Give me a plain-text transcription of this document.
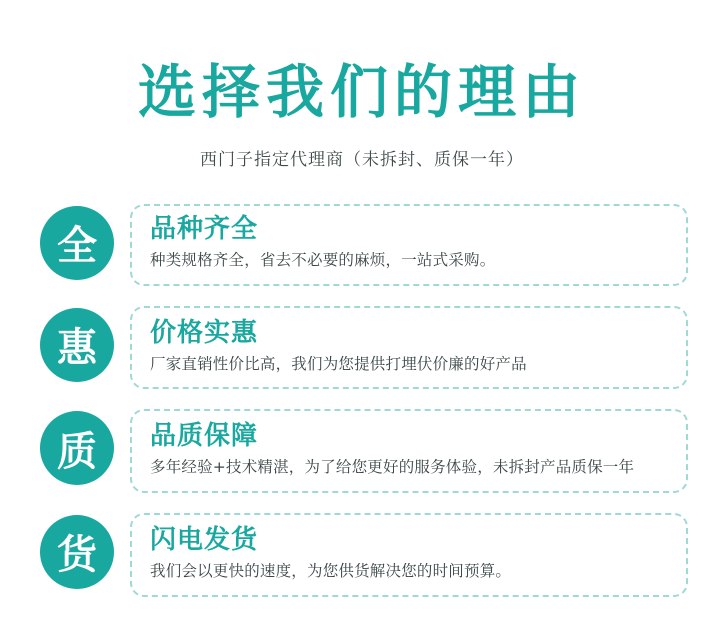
选择我们的理由

西门子指定代理商（未拆封、质保一年）

全	品种齐全
种类规格齐全，省去不必要的麻烦，一站式采购。
惠	价格实惠
厂家直销性价比高，我们为您提供打埋伏价廉的好产品
质	品质保障
多年经验+技术精湛，为了给您更好的服务体验，未拆封产品质保一年
货	闪电发货
我们会以更快的速度，为您供货解决您的时间预算。
